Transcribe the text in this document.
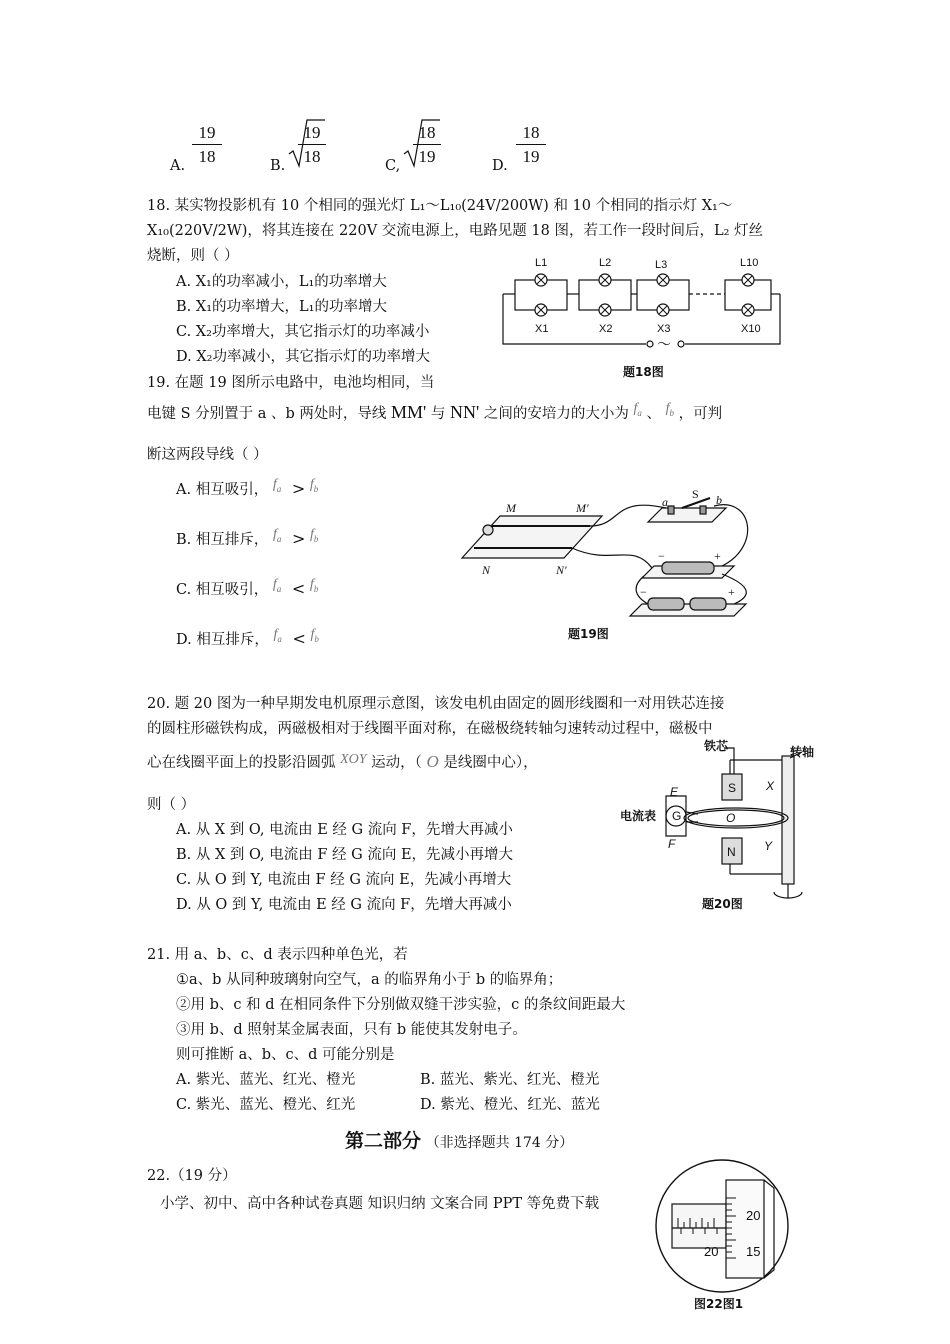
A.
19
18	B.
19
18	C,
18
19	D.
18
19
18. 某实物投影机有 10 个相同的强光灯 L₁～L₁₀(24V/200W) 和 10 个相同的指示灯 X₁～
X₁₀(220V/2W)，将其连接在 220V 交流电源上，电路见题 18 图，若工作一段时间后，L₂ 灯丝
烧断，则（ ）
A. X₁的功率减小，L₁的功率增大
B. X₁的功率增大，L₁的功率增大
C. X₂功率增大，其它指示灯的功率减小
D. X₂功率减小，其它指示灯的功率增大
L1	L2	L3	L10
X1	X2	X3	X10
～
题18图
19. 在题 19 图所示电路中，电池均相同，当
电键 S 分别置于 a 、b 两处时，导线 MM' 与 NN' 之间的安培力的大小为 $f_a$ 、 $f_b$ ，可判
断这两段导线（ ）
A. 相互吸引， $f_a > f_b$
B. 相互排斥， $f_a > f_b$
C. 相互吸引， $f_a < f_b$
D. 相互排斥， $f_a < f_b$
M	M′
N	N′
S
a	b
−	+
−	+
题19图
20. 题 20 图为一种早期发电机原理示意图，该发电机由固定的圆形线圈和一对用铁芯连接
的圆柱形磁铁构成，两磁极相对于线圈平面对称，在磁极绕转轴匀速转动过程中，磁极中
心在线圈平面上的投影沿圆弧 XOY 运动，（ O 是线圈中心），
则（ ）
A. 从 X 到 O, 电流由 E 经 G 流向 F，先增大再减小
B. 从 X 到 O, 电流由 F 经 G 流向 E，先减小再增大
C. 从 O 到 Y, 电流由 F 经 G 流向 E，先减小再增大
D. 从 O 到 Y, 电流由 E 经 G 流向 F，先增大再减小
铁芯	转轴
电流表
S
N
X
Y
O
E
F
G
题20图
21. 用 a、b、c、d 表示四种单色光，若
①a、b 从同种玻璃射向空气，a 的临界角小于 b 的临界角；
②用 b、c 和 d 在相同条件下分别做双缝干涉实验，c 的条纹间距最大
③用 b、d 照射某金属表面，只有 b 能使其发射电子。
则可推断 a、b、c、d 可能分别是
A. 紫光、蓝光、红光、橙光	B. 蓝光、紫光、红光、橙光
C. 紫光、蓝光、橙光、红光	D. 紫光、橙光、红光、蓝光
第二部分 （非选择题共 174 分）
22.（19 分）
小学、初中、高中各种试卷真题 知识归纳 文案合同 PPT 等免费下载
20
20 15
图22图1
